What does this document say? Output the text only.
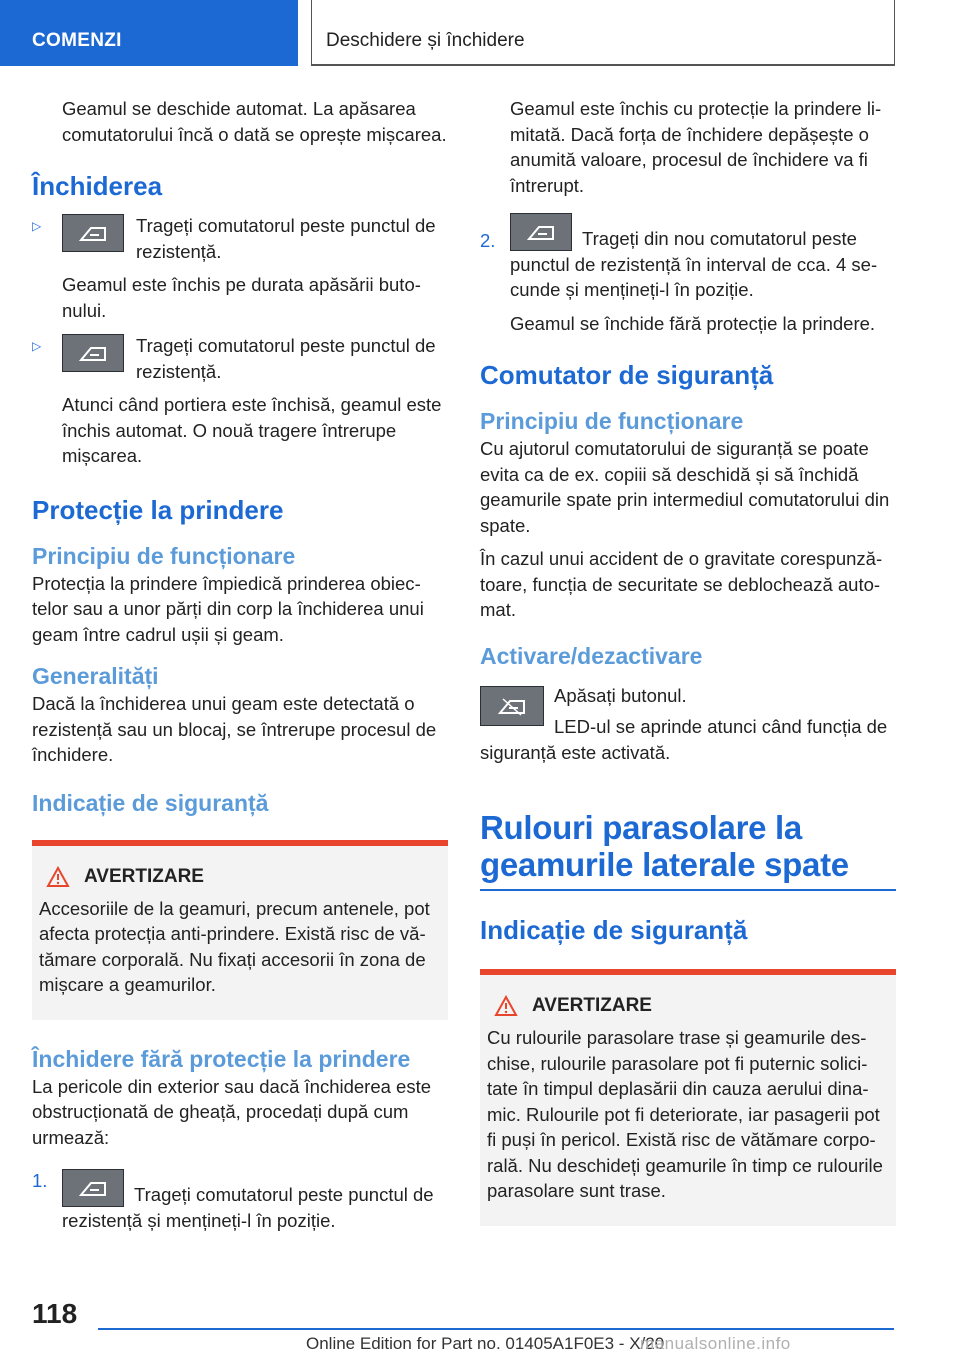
COMENZI	Deschidere și închidere

Geamul se deschide automat. La apăsarea comutatorului încă o dată se oprește mișcarea.

Închiderea
▷	Trageți comutatorul peste punctul de rezistență.

Geamul este închis pe durata apăsării butonului.

▷	Trageți comutatorul peste punctul de rezistență.

Atunci când portiera este închisă, geamul este închis automat. O nouă tragere întrerupe mișcarea.

Protecție la prindere
Principiu de funcționare

Protecția la prindere împiedică prinderea obiectelor sau a unor părți din corp la închiderea unui geam între cadrul ușii și geam.

Generalități

Dacă la închiderea unui geam este detectată o rezistență sau un blocaj, se întrerupe procesul de închidere.

Indicație de siguranță
AVERTIZARE

Accesoriile de la geamuri, precum antenele, pot afecta protecția anti-prindere. Există risc de vătămare corporală. Nu fixați accesorii în zona de mișcare a geamurilor.

Închidere fără protecție la prindere

La pericole din exterior sau dacă închiderea este obstrucționată de gheață, procedați după cum urmează:

1.

Trageți comutatorul peste punctul de rezistență și mențineți-l în poziție.

Geamul este închis cu protecție la prindere limitată. Dacă forța de închidere depășește o anumită valoare, procesul de închidere va fi întrerupt.

2.	Trageți din nou comutatorul peste punctul de rezistență în interval de cca. 4 secunde și mențineți-l în poziție.

Geamul se închide fără protecție la prindere.

Comutator de siguranță
Principiu de funcționare

Cu ajutorul comutatorului de siguranță se poate evita ca de ex. copiii să deschidă și să închidă geamurile spate prin intermediul comutatorului din spate.

În cazul unui accident de o gravitate corespunzătoare, funcția de securitate se deblochează automat.

Activare/dezactivare

Apăsați butonul.

LED-ul se aprinde atunci când funcția de siguranță este activată.

Rulouri parasolare la geamurile laterale spate
Indicație de siguranță
AVERTIZARE

Cu rulourile parasolare trase și geamurile deschise, rulourile parasolare pot fi puternic solicitate în timpul deplasării din cauza aerului dinamic. Rulourile pot fi deteriorate, iar pasagerii pot fi puși în pericol. Există risc de vătămare corporală. Nu deschideți geamurile în timp ce rulourile parasolare sunt trase.

118
Online Edition for Part no. 01405A1F0E3 - X/20
manualsonline.info
